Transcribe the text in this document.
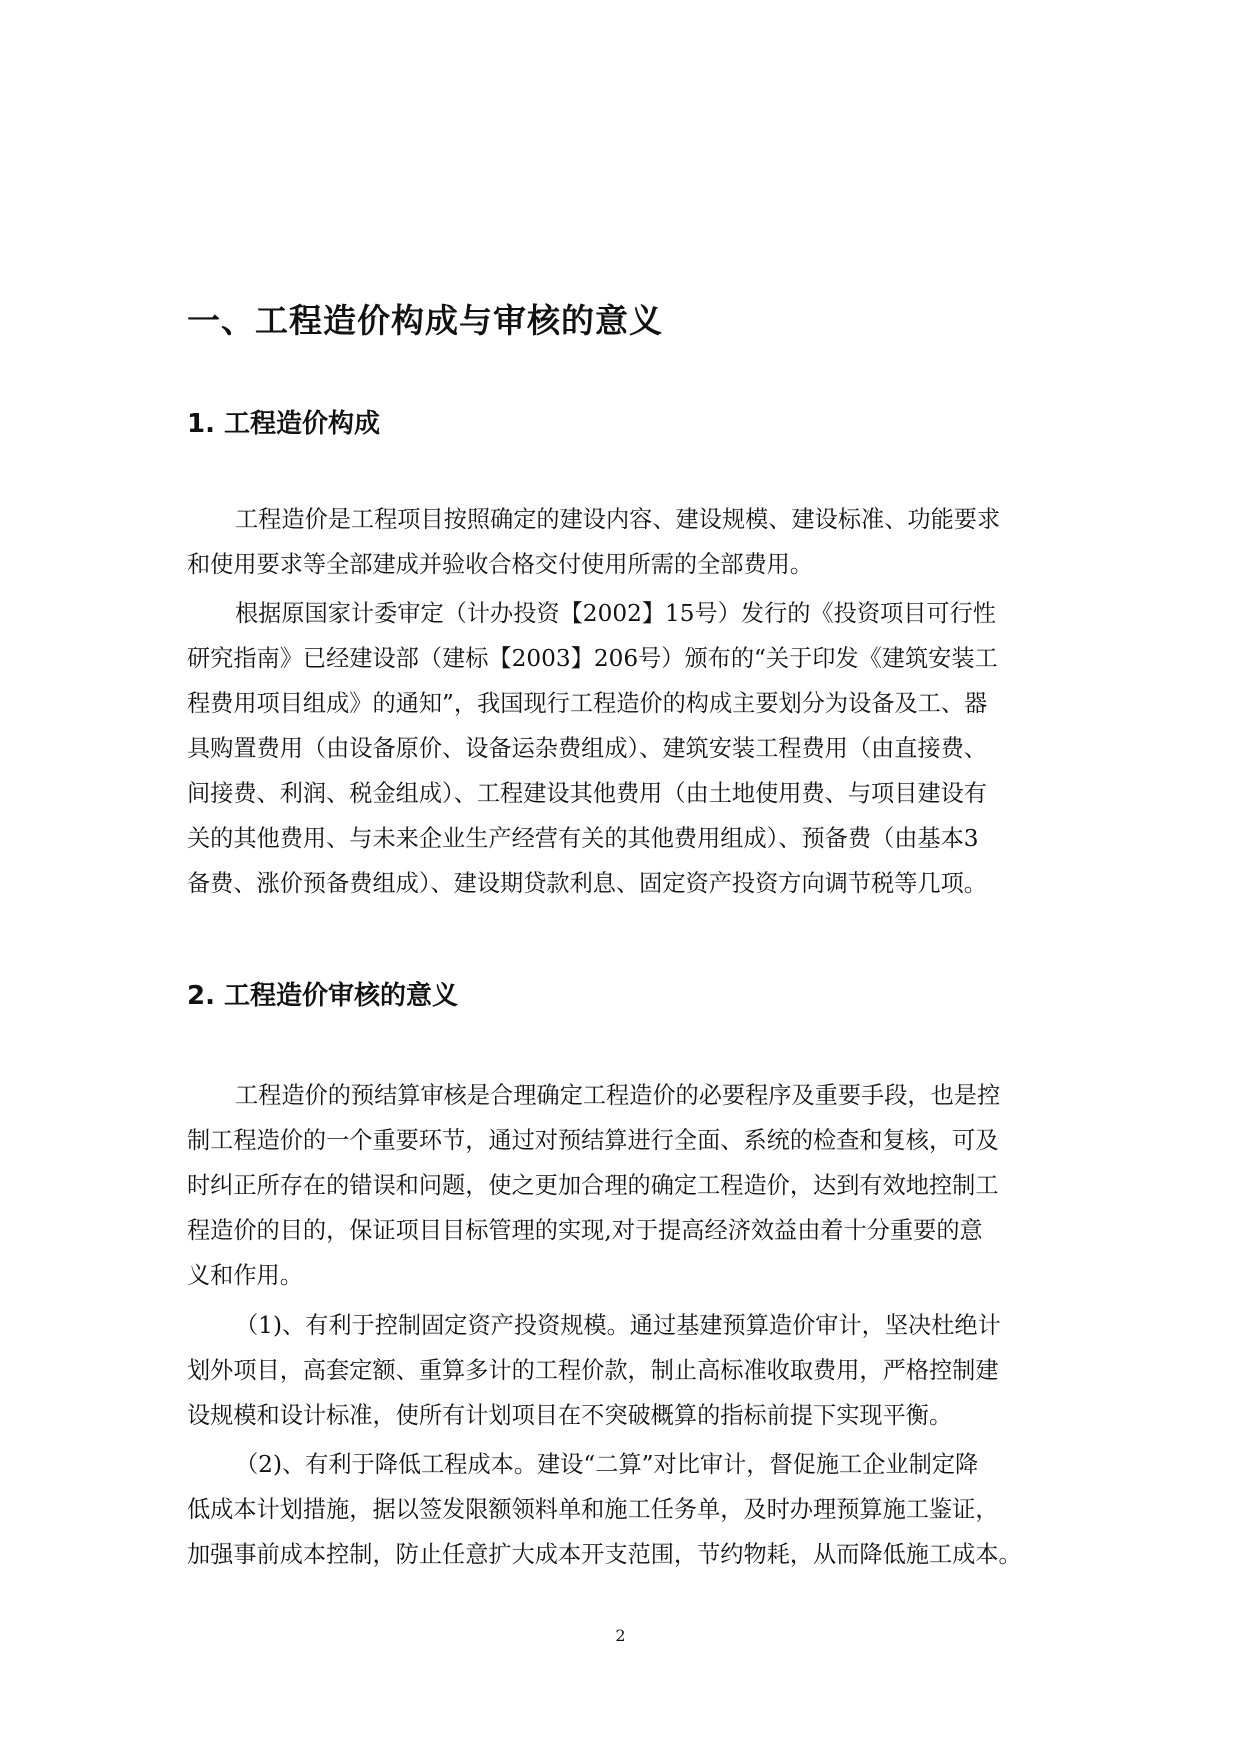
一、工程造价构成与审核的意义
1. 工程造价构成

工程造价是工程项目按照确定的建设内容、建设规模、建设标准、功能要求
和使用要求等全部建成并验收合格交付使用所需的全部费用。

根据原国家计委审定（计办投资【2002】15号）发行的《投资项目可行性
研究指南》已经建设部（建标【2003】206号）颁布的“关于印发《建筑安装工
程费用项目组成》的通知”，我国现行工程造价的构成主要划分为设备及工、器
具购置费用（由设备原价、设备运杂费组成）、建筑安装工程费用（由直接费、
间接费、利润、税金组成）、工程建设其他费用（由土地使用费、与项目建设有
关的其他费用、与未来企业生产经营有关的其他费用组成）、预备费（由基本3
备费、涨价预备费组成）、建设期贷款利息、固定资产投资方向调节税等几项。

2. 工程造价审核的意义

工程造价的预结算审核是合理确定工程造价的必要程序及重要手段，也是控
制工程造价的一个重要环节，通过对预结算进行全面、系统的检查和复核，可及
时纠正所存在的错误和问题，使之更加合理的确定工程造价，达到有效地控制工
程造价的目的，保证项目目标管理的实现,对于提高经济效益由着十分重要的意
义和作用。

（1)、有利于控制固定资产投资规模。通过基建预算造价审计，坚决杜绝计
划外项目，高套定额、重算多计的工程价款，制止高标准收取费用，严格控制建
设规模和设计标准，使所有计划项目在不突破概算的指标前提下实现平衡。

（2)、有利于降低工程成本。建设“二算”对比审计，督促施工企业制定降
低成本计划措施，据以签发限额领料单和施工任务单，及时办理预算施工鉴证，
加强事前成本控制，防止任意扩大成本开支范围，节约物耗，从而降低施工成本。

2
